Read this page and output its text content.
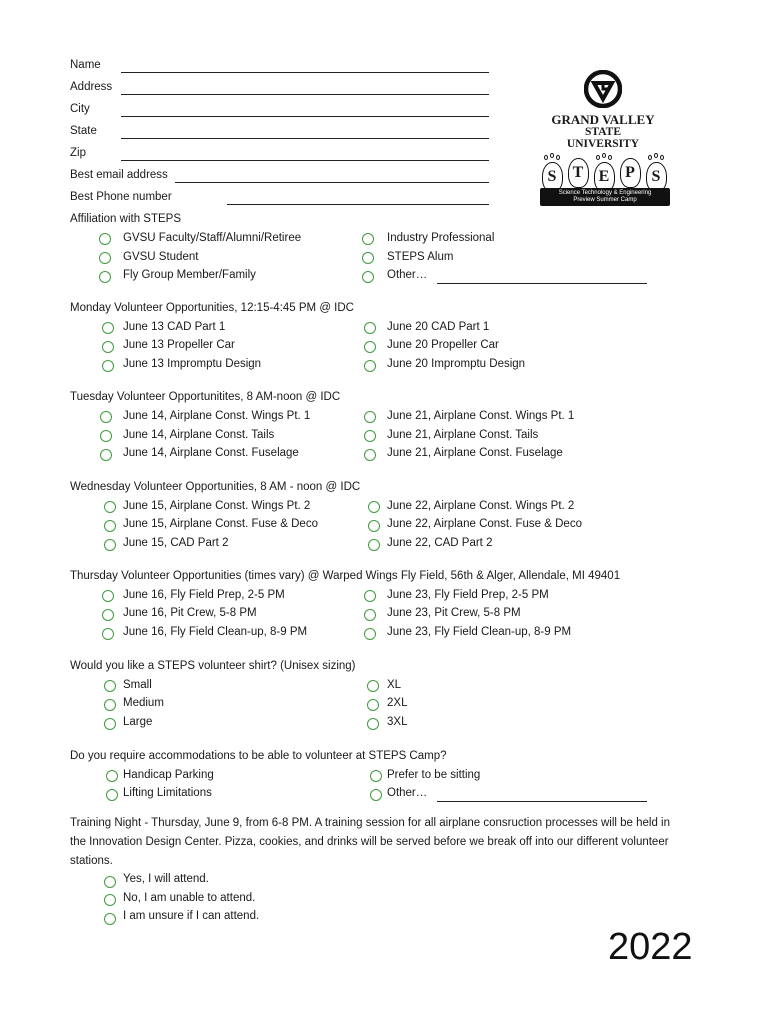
Name
Address
City
State
Zip
Best email address
Best Phone number
GRAND VALLEY
STATE UNIVERSITY
S T E P S
Science Technology & Engineering
Preview Summer Camp
Affiliation with STEPS
GVSU Faculty/Staff/Alumni/Retiree
GVSU Student
Fly Group Member/Family
Industry Professional
STEPS Alum
Other…
Monday Volunteer Opportunities, 12:15-4:45 PM @ IDC
June 13 CAD Part 1
June 13 Propeller Car
June 13 Impromptu Design
June 20 CAD Part 1
June 20 Propeller Car
June 20 Impromptu Design
Tuesday Volunteer Opportunitites, 8 AM-noon @ IDC
June 14, Airplane Const. Wings Pt. 1
June 14, Airplane Const. Tails
June 14, Airplane Const. Fuselage
June 21, Airplane Const. Wings Pt. 1
June 21, Airplane Const. Tails
June 21, Airplane Const. Fuselage
Wednesday Volunteer Opportunities, 8 AM - noon @ IDC
June 15, Airplane Const. Wings Pt. 2
June 15, Airplane Const. Fuse & Deco
June 15, CAD Part 2
June 22, Airplane Const. Wings Pt. 2
June 22, Airplane Const. Fuse & Deco
June 22, CAD Part 2
Thursday Volunteer Opportunities (times vary) @ Warped Wings Fly Field, 56th & Alger, Allendale, MI 49401
June 16, Fly Field Prep, 2-5 PM
June 16, Pit Crew, 5-8 PM
June 16, Fly Field Clean-up, 8-9 PM
June 23, Fly Field Prep, 2-5 PM
June 23, Pit Crew, 5-8 PM
June 23, Fly Field Clean-up, 8-9 PM
Would you like a STEPS volunteer shirt? (Unisex sizing)
Small
Medium
Large
XL
2XL
3XL
Do you require accommodations to be able to volunteer at STEPS Camp?
Handicap Parking
Lifting Limitations
Prefer to be sitting
Other…
Training Night - Thursday, June 9, from 6-8 PM. A training session for all airplane consruction processes will be held in the Innovation Design Center. Pizza, cookies, and drinks will be served before we break off into our different volunteer stations.
Yes, I will attend.
No, I am unable to attend.
I am unsure if I can attend.
2022
